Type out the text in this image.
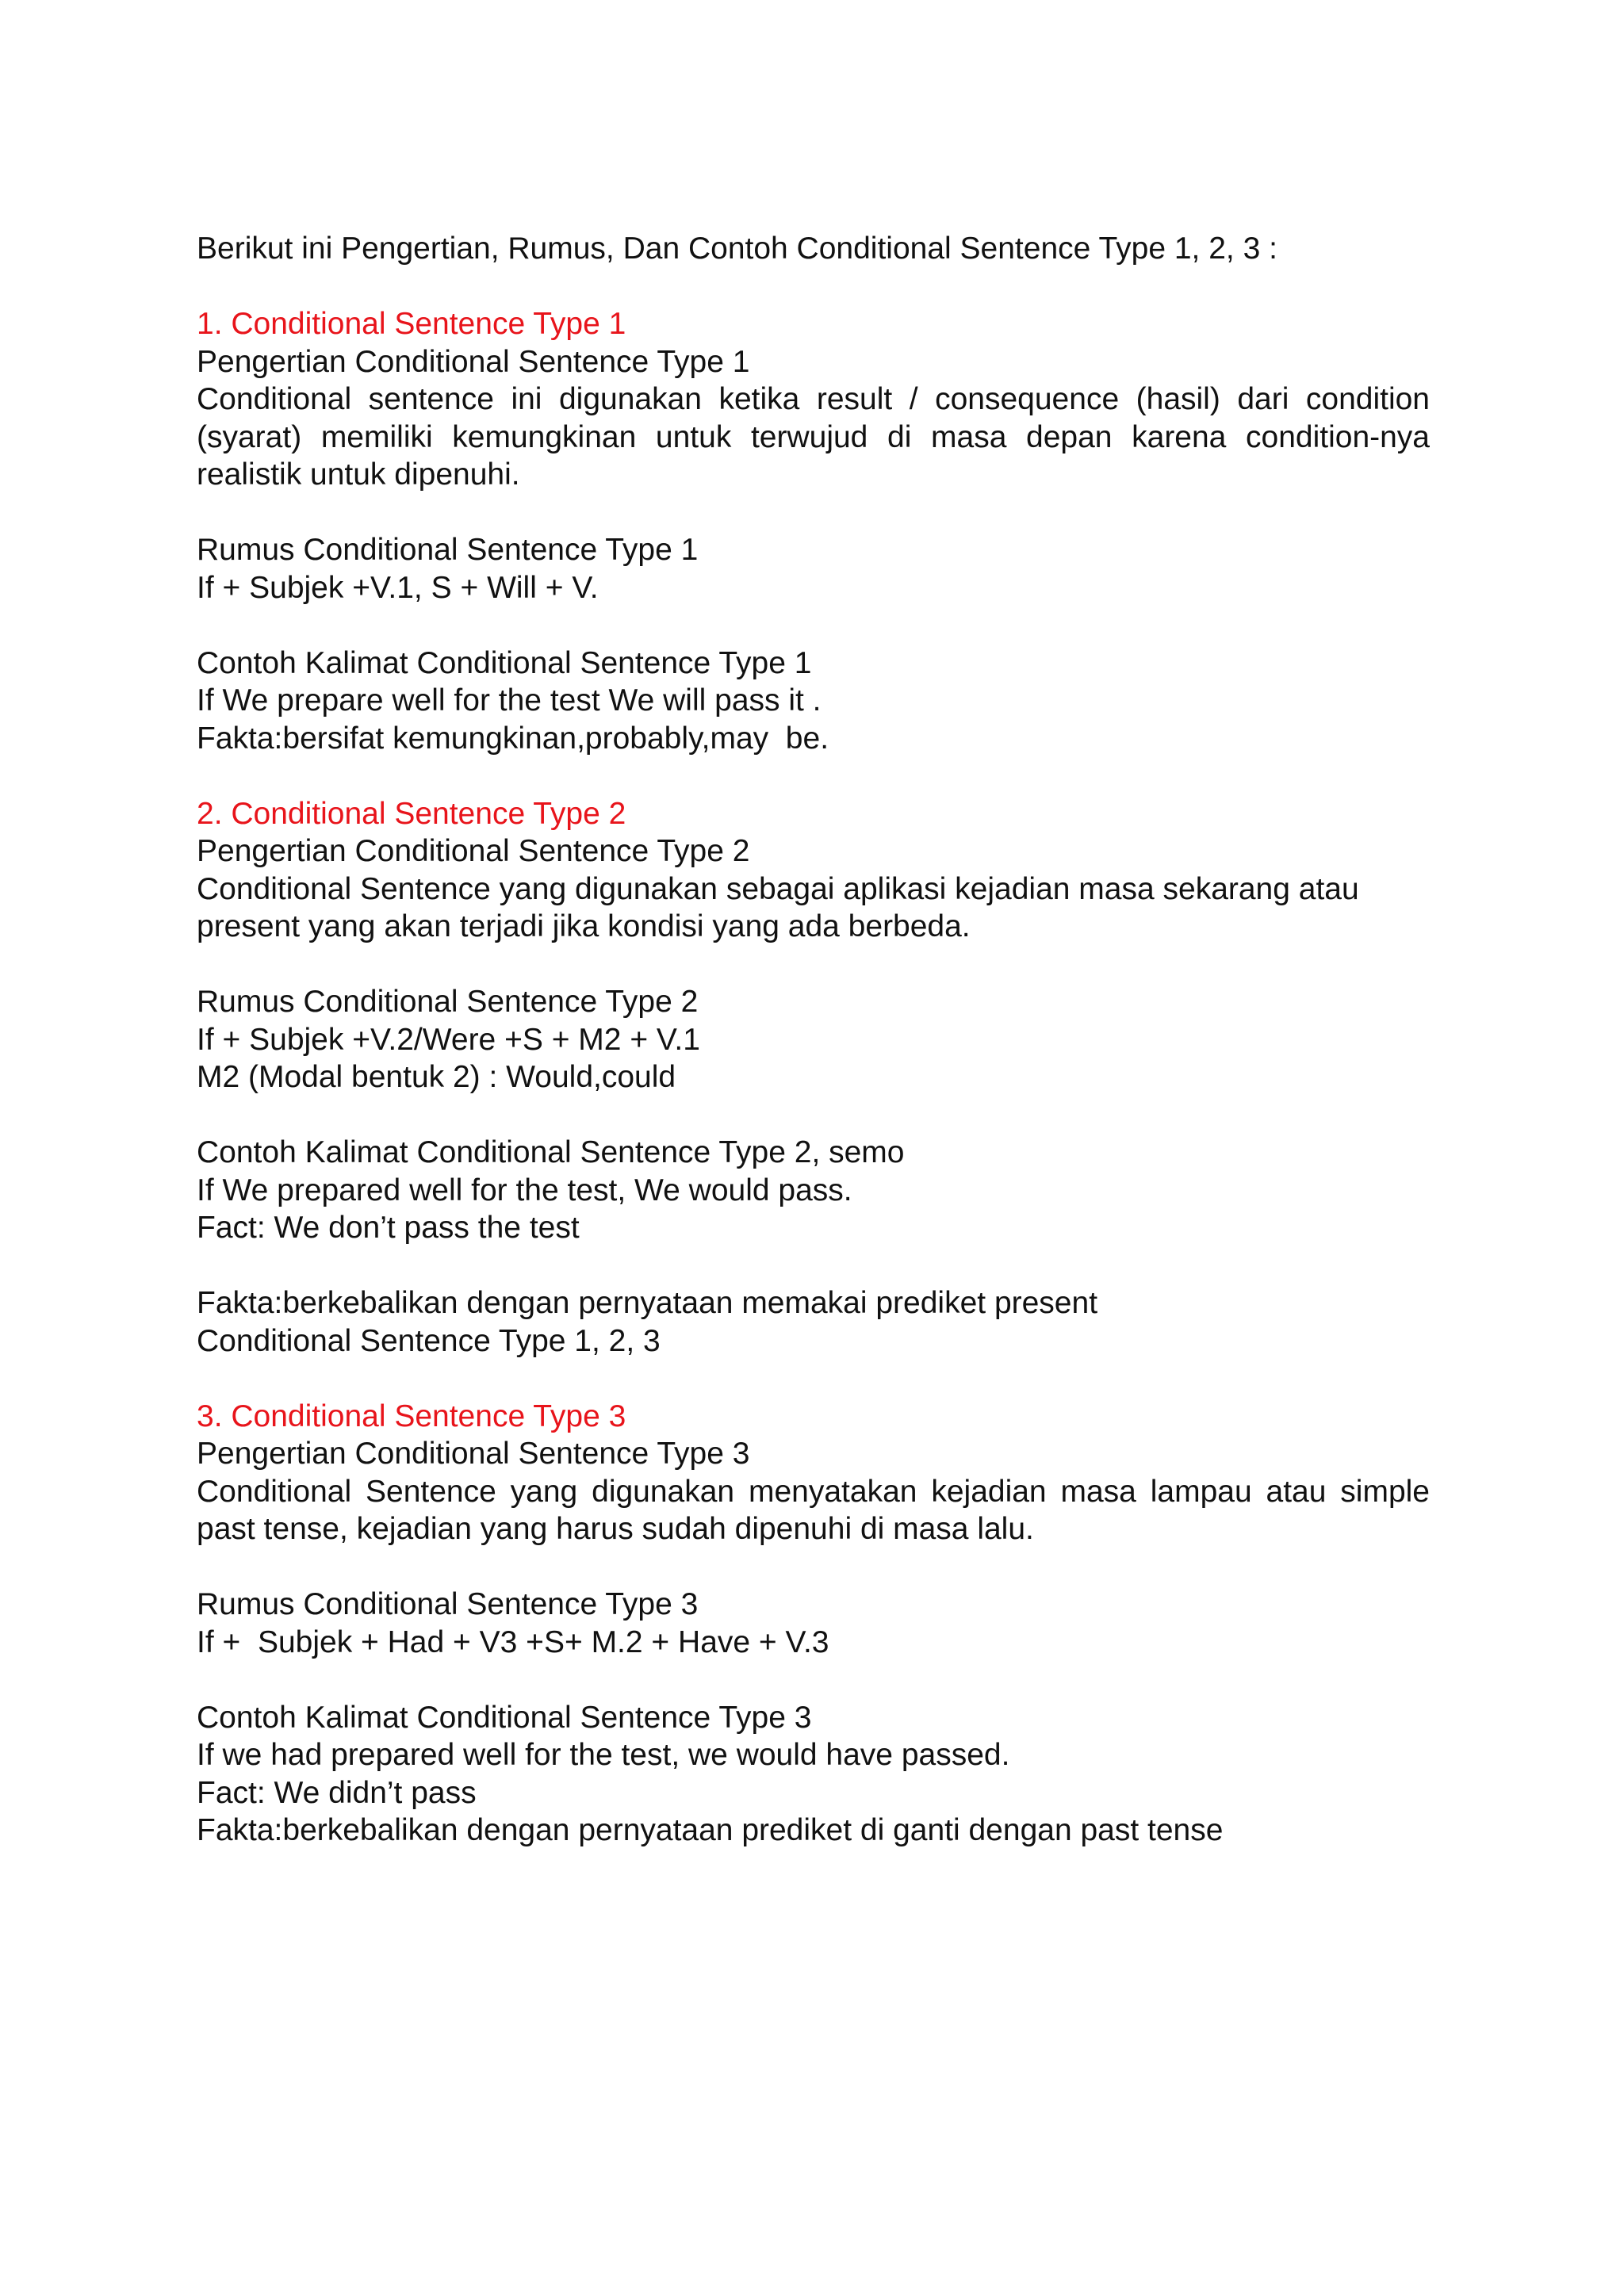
Berikut ini Pengertian, Rumus, Dan Contoh Conditional Sentence Type 1, 2, 3 :
1. Conditional Sentence Type 1
Pengertian Conditional Sentence Type 1
Conditional sentence ini digunakan ketika result / consequence (hasil) dari condition (syarat) memiliki kemungkinan untuk terwujud di masa depan karena condition-nya realistik untuk dipenuhi.
Rumus Conditional Sentence Type 1
If + Subjek +V.1, S + Will + V.
Contoh Kalimat Conditional Sentence Type 1
If We prepare well for the test We will pass it .
Fakta:bersifat kemungkinan,probably,may  be.
2. Conditional Sentence Type 2
Pengertian Conditional Sentence Type 2
Conditional Sentence yang digunakan sebagai aplikasi kejadian masa sekarang atau
present yang akan terjadi jika kondisi yang ada berbeda.
Rumus Conditional Sentence Type 2
If + Subjek +V.2/Were +S + M2 + V.1
M2 (Modal bentuk 2) : Would,could
Contoh Kalimat Conditional Sentence Type 2, semo
If We prepared well for the test, We would pass.
Fact: We don’t pass the test
Fakta:berkebalikan dengan pernyataan memakai prediket present
Conditional Sentence Type 1, 2, 3
3. Conditional Sentence Type 3
Pengertian Conditional Sentence Type 3
Conditional Sentence yang digunakan menyatakan kejadian masa lampau atau simple past tense, kejadian yang harus sudah dipenuhi di masa lalu.
Rumus Conditional Sentence Type 3
If +  Subjek + Had + V3 +S+ M.2 + Have + V.3
Contoh Kalimat Conditional Sentence Type 3
If we had prepared well for the test, we would have passed.
Fact: We didn’t pass
Fakta:berkebalikan dengan pernyataan prediket di ganti dengan past tense
